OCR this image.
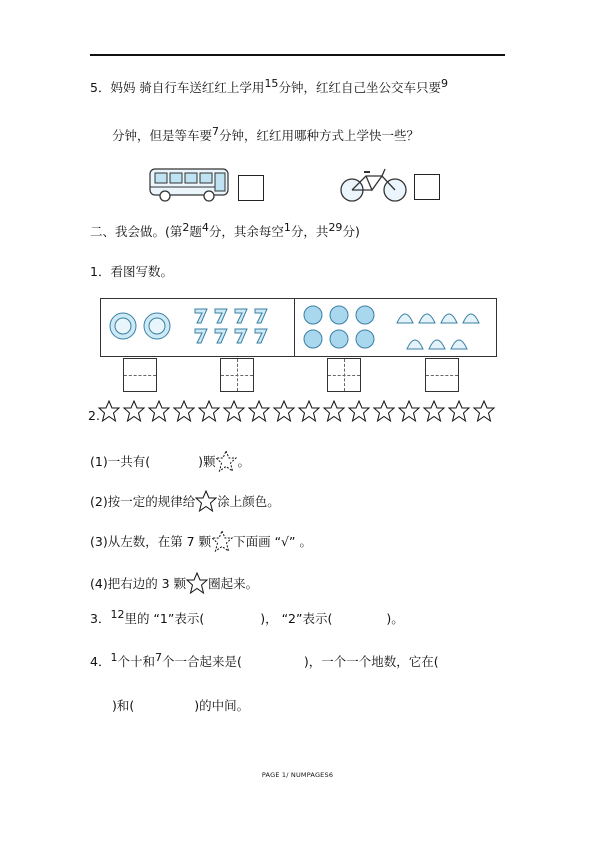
5．妈妈 骑自行车送红红上学用15分钟，红红自己坐公交车只要9
分钟，但是等车要7分钟，红红用哪种方式上学快一些？
二、我会做。(第2题4分，其余每空1分，共29分)
1．看图写数。
2.
(1)一共有(	)颗 。
(2)按一定的规律给 涂上颜色。
(3)从左数，在第 7 颗 下面画 “√” 。
(4)把右边的 3 颗 圈起来。
3．12里的 “1”表示(	)， “2”表示(	)。
4．1个十和7个一合起来是(	)，一个一个地数，它在(
)和(	)的中间。
PAGE 1/ NUMPAGES6
